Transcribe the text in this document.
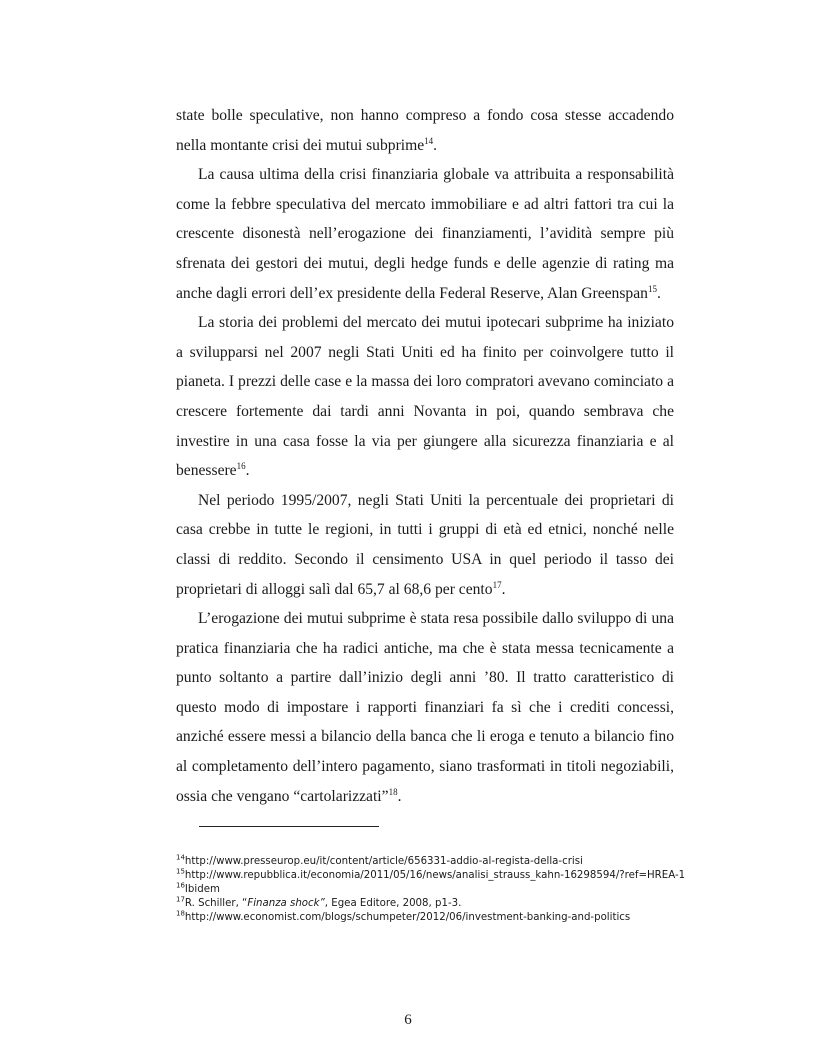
state bolle speculative, non hanno compreso a fondo cosa stesse accadendo nella montante crisi dei mutui subprime$^{14}$.

La causa ultima della crisi finanziaria globale va attribuita a responsabilità come la febbre speculativa del mercato immobiliare e ad altri fattori tra cui la crescente disonestà nell’erogazione dei finanziamenti, l’avidità sempre più sfrenata dei gestori dei mutui, degli hedge funds e delle agenzie di rating ma anche dagli errori dell’ex presidente della Federal Reserve, Alan Greenspan$^{15}$.

La storia dei problemi del mercato dei mutui ipotecari subprime ha iniziato a svilupparsi nel 2007 negli Stati Uniti ed ha finito per coinvolgere tutto il pianeta. I prezzi delle case e la massa dei loro compratori avevano cominciato a crescere fortemente dai tardi anni Novanta in poi, quando sembrava che investire in una casa fosse la via per giungere alla sicurezza finanziaria e al benessere$^{16}$.

Nel periodo 1995/2007, negli Stati Uniti la percentuale dei proprietari di casa crebbe in tutte le regioni, in tutti i gruppi di età ed etnici, nonché nelle classi di reddito. Secondo il censimento USA in quel periodo il tasso dei proprietari di alloggi salì dal 65,7 al 68,6 per cento$^{17}$.

L’erogazione dei mutui subprime è stata resa possibile dallo sviluppo di una pratica finanziaria che ha radici antiche, ma che è stata messa tecnicamente a punto soltanto a partire dall’inizio degli anni ’80. Il tratto caratteristico di questo modo di impostare i rapporti finanziari fa sì che i crediti concessi, anziché essere messi a bilancio della banca che li eroga e tenuto a bilancio fino al completamento dell’intero pagamento, siano trasformati in titoli negoziabili, ossia che vengano “cartolarizzati”$^{18}$.

$^{14}$http://www.presseurop.eu/it/content/article/656331-addio-al-regista-della-crisi

$^{15}$http://www.repubblica.it/economia/2011/05/16/news/analisi_strauss_kahn-16298594/?ref=HREA-1

$^{16}$Ibidem

$^{17}$R. Schiller, “Finanza shock”, Egea Editore, 2008, p1-3.

$^{18}$http://www.economist.com/blogs/schumpeter/2012/06/investment-banking-and-politics

6
